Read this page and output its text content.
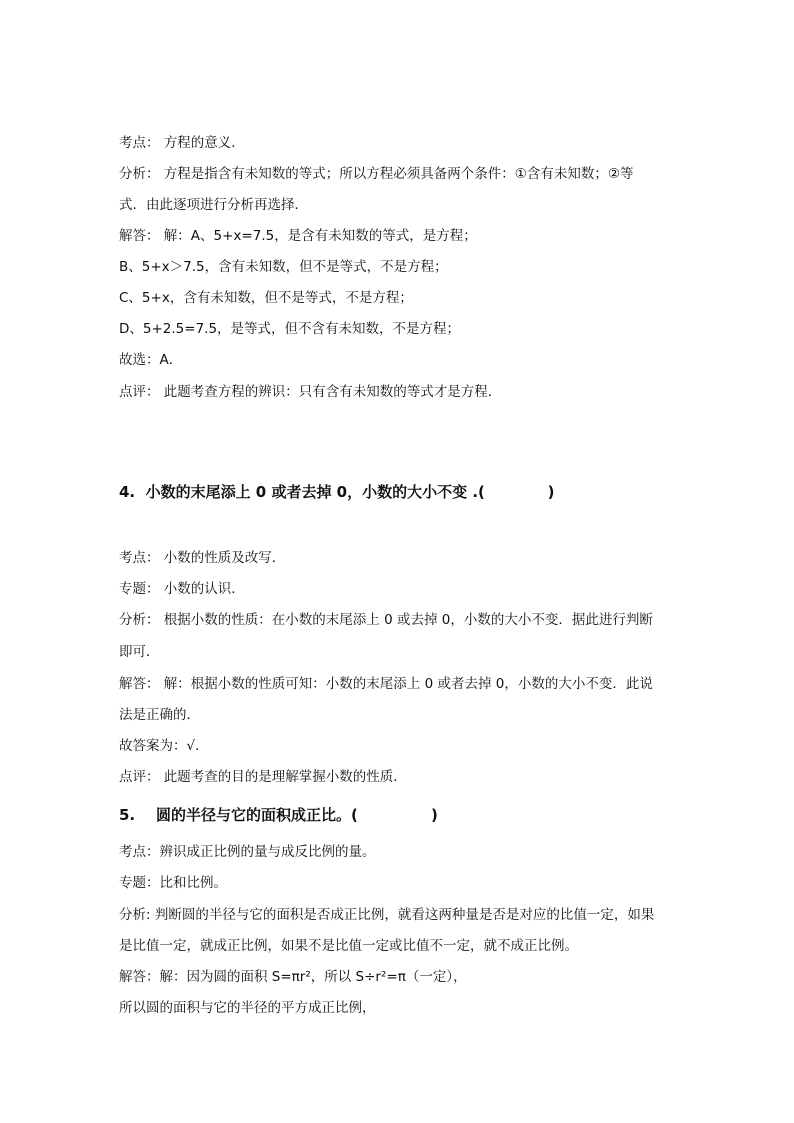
考点： 方程的意义．
分析： 方程是指含有未知数的等式；所以方程必须具备两个条件：①含有未知数；②等
式．由此逐项进行分析再选择．
解答： 解：A、5+x=7.5，是含有未知数的等式，是方程；
B、5+x＞7.5，含有未知数，但不是等式，不是方程；
C、5+x，含有未知数，但不是等式，不是方程；
D、5+2.5=7.5，是等式，但不含有未知数，不是方程；
故选：A．
点评： 此题考查方程的辨识：只有含有未知数的等式才是方程．
4.  小数的末尾添上 0 或者去掉 0，小数的大小不变 .(            )
考点： 小数的性质及改写．
专题： 小数的认识．
分析： 根据小数的性质：在小数的末尾添上 0 或去掉 0，小数的大小不变．据此进行判断
即可．
解答： 解：根据小数的性质可知：小数的末尾添上 0 或者去掉 0，小数的大小不变．此说
法是正确的．
故答案为：√．
点评： 此题考查的目的是理解掌握小数的性质．
5.    圆的半径与它的面积成正比。(              )
考点：辨识成正比例的量与成反比例的量。
专题：比和比例。
分析: 判断圆的半径与它的面积是否成正比例，就看这两种量是否是对应的比值一定，如果
是比值一定，就成正比例，如果不是比值一定或比值不一定，就不成正比例。
解答：解：因为圆的面积 S=πr²，所以 S÷r²=π（一定），
所以圆的面积与它的半径的平方成正比例，
